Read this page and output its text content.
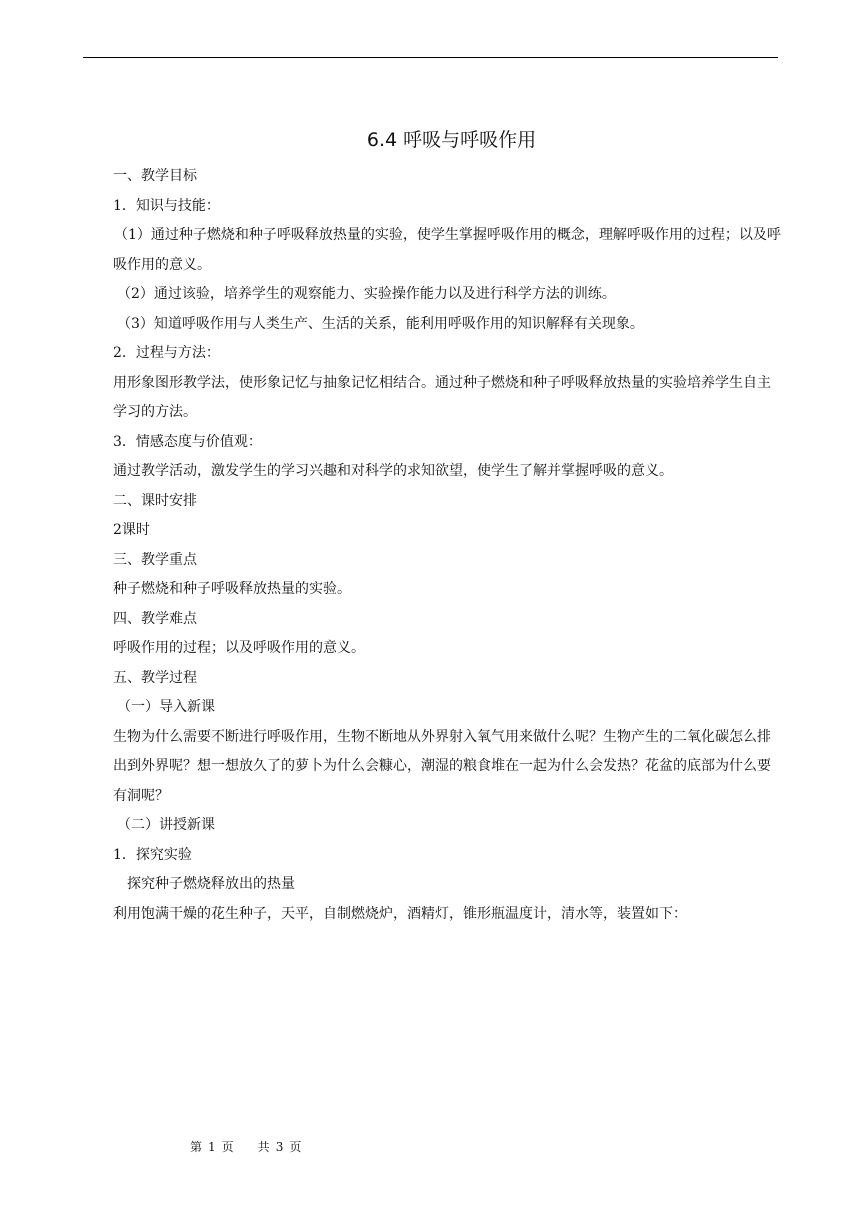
6.4 呼吸与呼吸作用

一、教学目标

1．知识与技能：

（1）通过种子燃烧和种子呼吸释放热量的实验，使学生掌握呼吸作用的概念，理解呼吸作用的过程；以及呼吸作用的意义。

（2）通过该验，培养学生的观察能力、实验操作能力以及进行科学方法的训练。

（3）知道呼吸作用与人类生产、生活的关系，能利用呼吸作用的知识解释有关现象。

2．过程与方法：

用形象图形教学法，使形象记忆与抽象记忆相结合。通过种子燃烧和种子呼吸释放热量的实验培养学生自主学习的方法。

3．情感态度与价值观：

通过教学活动，激发学生的学习兴趣和对科学的求知欲望，使学生了解并掌握呼吸的意义。

二、课时安排

2课时

三、教学重点

种子燃烧和种子呼吸释放热量的实验。

四、教学难点

呼吸作用的过程；以及呼吸作用的意义。

五、教学过程

（一）导入新课

生物为什么需要不断进行呼吸作用，生物不断地从外界射入氧气用来做什么呢？生物产生的二氧化碳怎么排出到外界呢？想一想放久了的萝卜为什么会糠心，潮湿的粮食堆在一起为什么会发热？花盆的底部为什么要有洞呢？

（二）讲授新课

1．探究实验

探究种子燃烧释放出的热量

利用饱满干燥的花生种子，天平，自制燃烧炉，酒精灯，锥形瓶温度计，清水等，装置如下：

第 1 页 共 3 页
